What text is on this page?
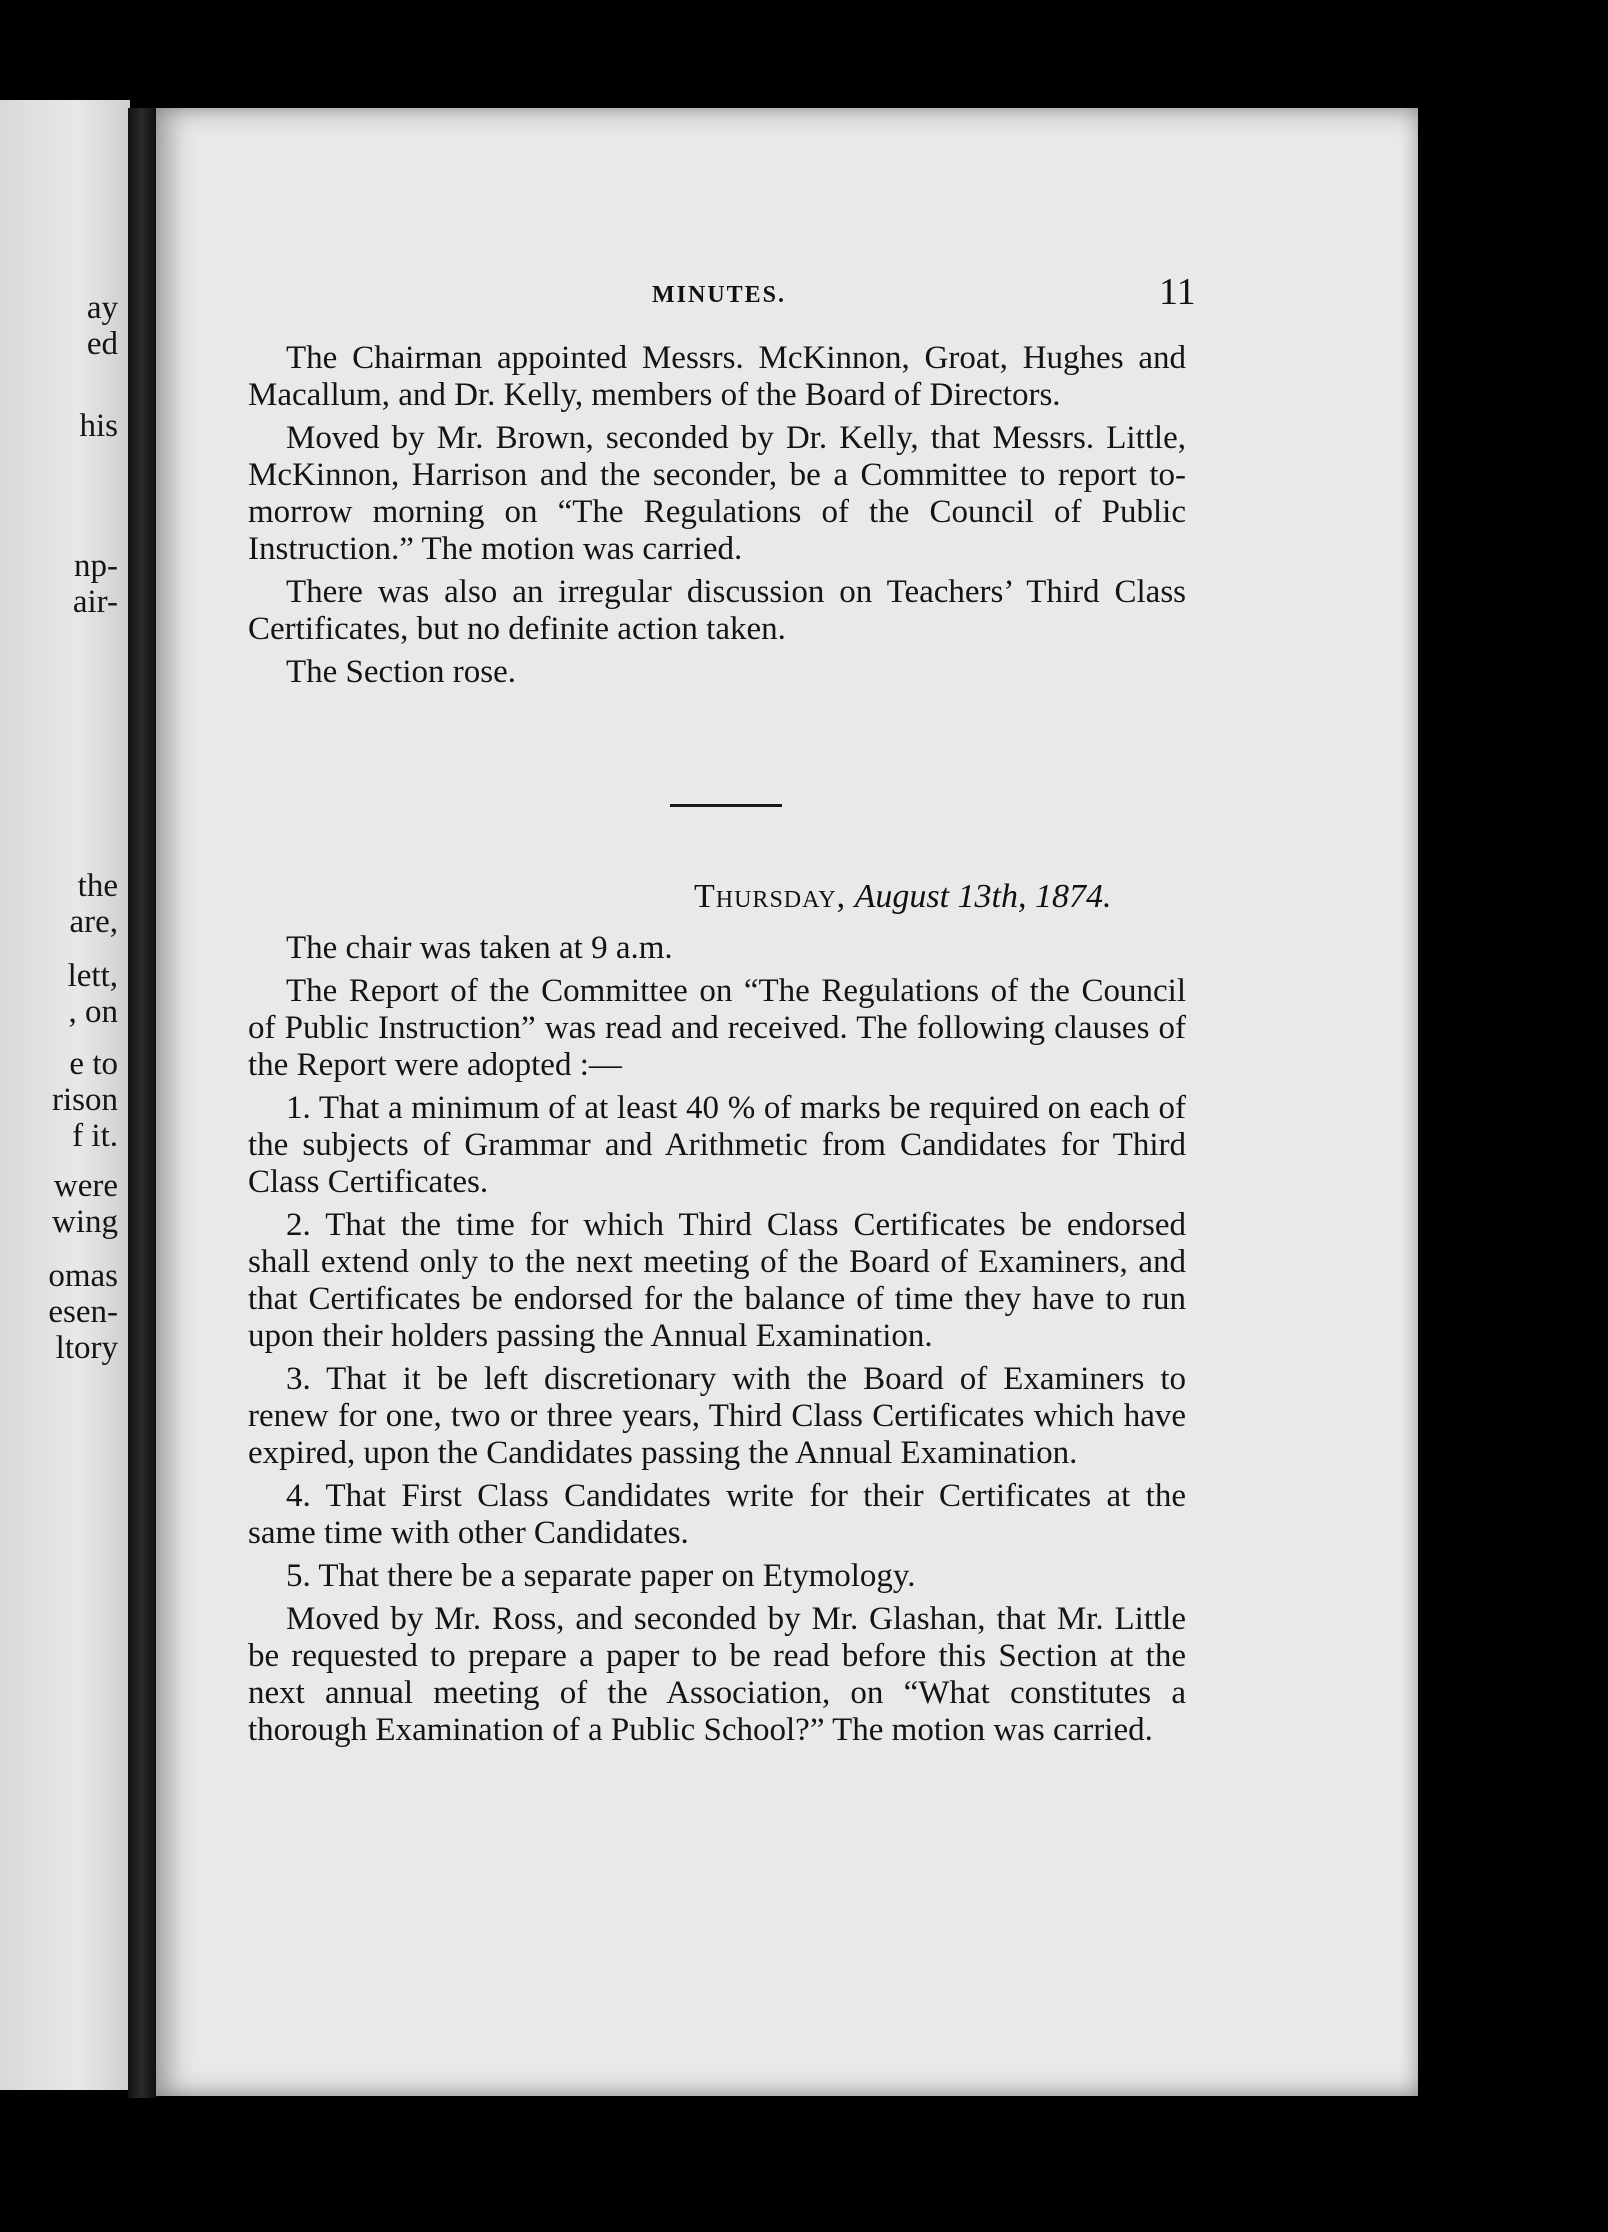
ay
ed
his
np-
air-
the
are,
lett,
, on
e to
rison
f it.
were
wing
omas
esen-
ltory
MINUTES.	11

The Chairman appointed Messrs. McKinnon, Groat, Hughes and Macallum, and Dr. Kelly, members of the Board of Directors.

Moved by Mr. Brown, seconded by Dr. Kelly, that Messrs. Little, McKinnon, Harrison and the seconder, be a Committee to report to-morrow morning on “The Regulations of the Council of Public Instruction.” The motion was carried.

There was also an irregular discussion on Teachers’ Third Class Certificates, but no definite action taken.

The Section rose.

Thursday, August 13th, 1874.

The chair was taken at 9 a.m.

The Report of the Committee on “The Regulations of the Council of Public Instruction” was read and received. The following clauses of the Report were adopted :—

1. That a minimum of at least 40 % of marks be required on each of the subjects of Grammar and Arithmetic from Candidates for Third Class Certificates.

2. That the time for which Third Class Certificates be endorsed shall extend only to the next meeting of the Board of Examiners, and that Certificates be endorsed for the balance of time they have to run upon their holders passing the Annual Examination.

3. That it be left discretionary with the Board of Examiners to renew for one, two or three years, Third Class Certificates which have expired, upon the Candidates passing the Annual Examination.

4. That First Class Candidates write for their Certificates at the same time with other Candidates.

5. That there be a separate paper on Etymology.

Moved by Mr. Ross, and seconded by Mr. Glashan, that Mr. Little be requested to prepare a paper to be read before this Section at the next annual meeting of the Association, on “What constitutes a thorough Examination of a Public School?” The motion was carried.
